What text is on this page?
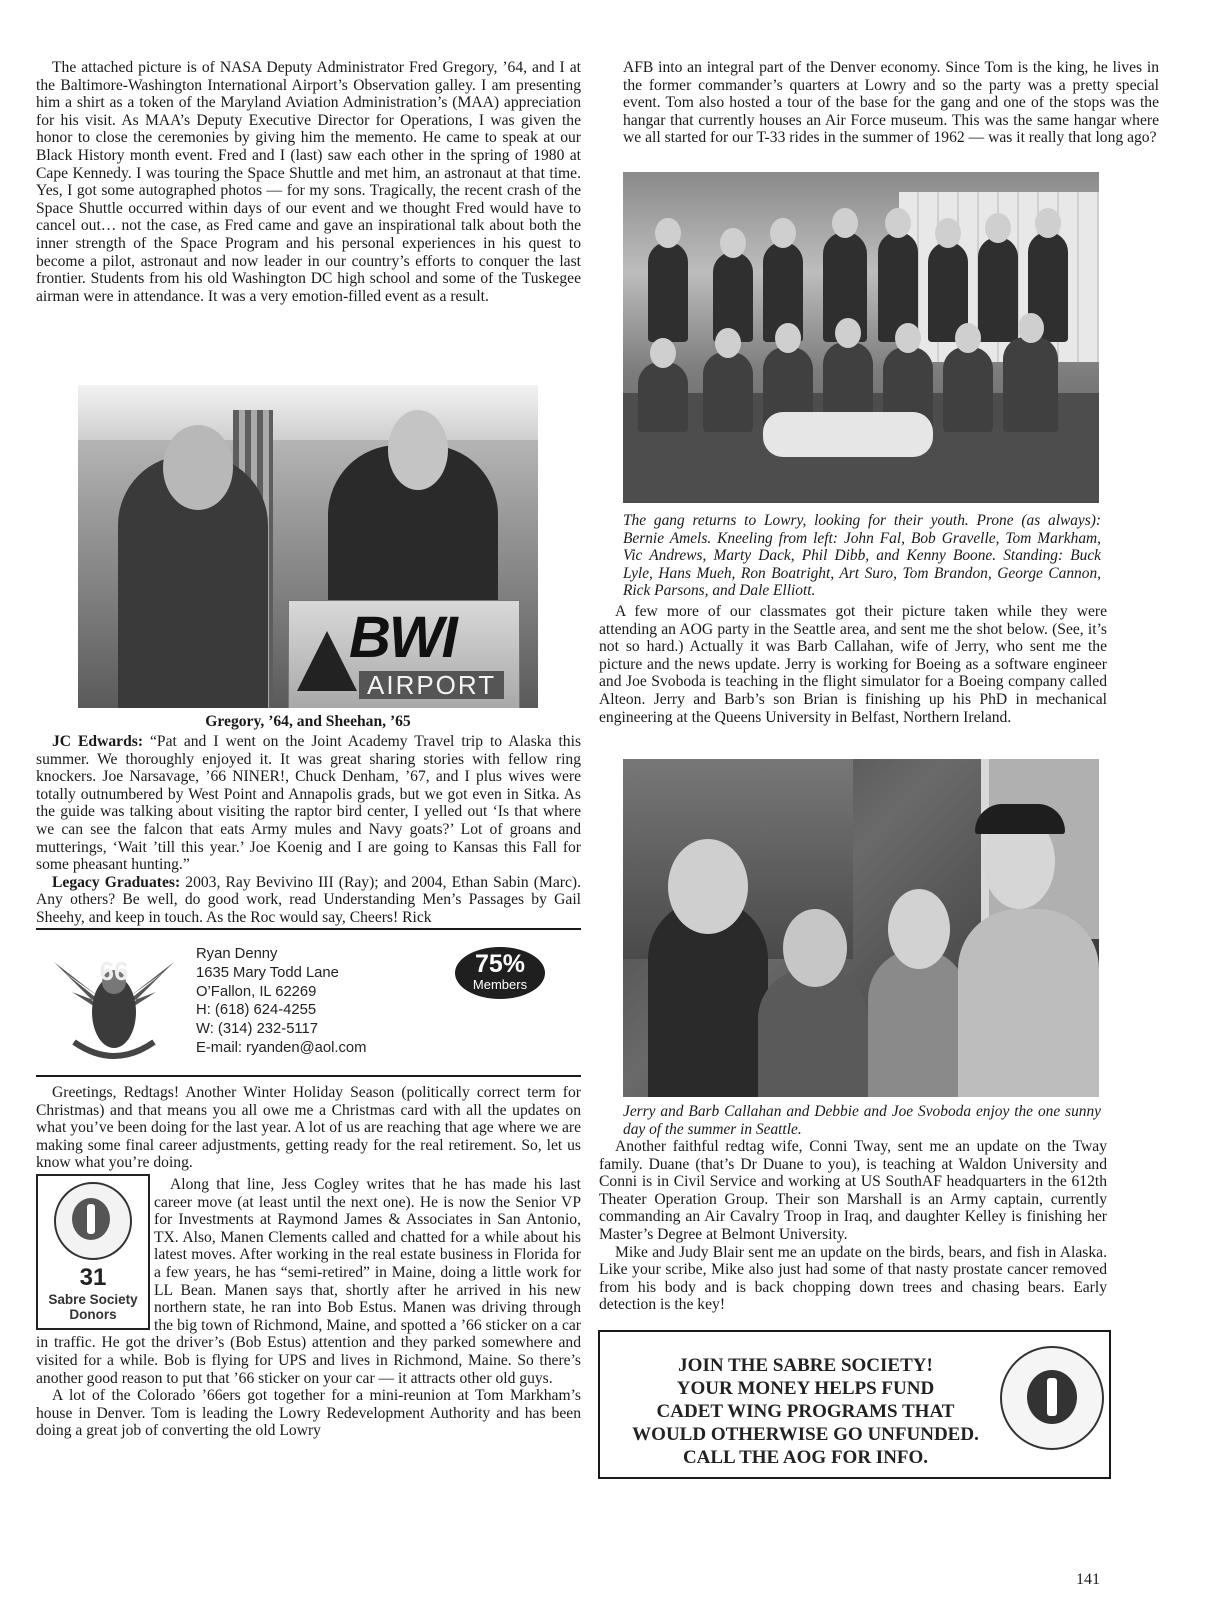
The attached picture is of NASA Deputy Administrator Fred Gregory, ’64, and I at the Baltimore-Washington International Airport’s Observation galley. I am presenting him a shirt as a token of the Maryland Aviation Administration’s (MAA) appreciation for his visit. As MAA’s Deputy Executive Director for Operations, I was given the honor to close the ceremonies by giving him the memento. He came to speak at our Black History month event. Fred and I (last) saw each other in the spring of 1980 at Cape Kennedy. I was touring the Space Shuttle and met him, an astronaut at that time. Yes, I got some autographed photos — for my sons. Tragically, the recent crash of the Space Shuttle occurred within days of our event and we thought Fred would have to cancel out… not the case, as Fred came and gave an inspirational talk about both the inner strength of the Space Program and his personal experiences in his quest to become a pilot, astronaut and now leader in our country’s efforts to conquer the last frontier. Students from his old Washington DC high school and some of the Tuskegee airman were in attendance. It was a very emotion-filled event as a result.

BWI
AIRPORT
Gregory, ’64, and Sheehan, ’65

JC Edwards: “Pat and I went on the Joint Academy Travel trip to Alaska this summer. We thoroughly enjoyed it. It was great sharing stories with fellow ring knockers. Joe Narsavage, ’66 NINER!, Chuck Denham, ’67, and I plus wives were totally outnumbered by West Point and Annapolis grads, but we got even in Sitka. As the guide was talking about visiting the raptor bird center, I yelled out ‘Is that where we can see the falcon that eats Army mules and Navy goats?’ Lot of groans and mutterings, ‘Wait ’till this year.’ Joe Koenig and I are going to Kansas this Fall for some pheasant hunting.”

Legacy Graduates: 2003, Ray Bevivino III (Ray); and 2004, Ethan Sabin (Marc). Any others? Be well, do good work, read Understanding Men’s Passages by Gail Sheehy, and keep in touch. As the Roc would say, Cheers! Rick

66
Ryan Denny
1635 Mary Todd Lane
O’Fallon, IL 62269
H: (618) 624-4255
W: (314) 232-5117
E-mail: ryanden@aol.com
75%
Members

Greetings, Redtags! Another Winter Holiday Season (politically correct term for Christmas) and that means you all owe me a Christmas card with all the updates on what you’ve been doing for the last year. A lot of us are reaching that age where we are making some final career adjustments, getting ready for the real retirement. So, let us know what you’re doing.

31
Sabre Society
Donors

Along that line, Jess Cogley writes that he has made his last career move (at least until the next one). He is now the Senior VP for Investments at Raymond James & Associates in San Antonio, TX. Also, Manen Clements called and chatted for a while about his latest moves. After working in the real estate business in Florida for a few years, he has “semi-retired” in Maine, doing a little work for LL Bean. Manen says that, shortly after he arrived in his new northern state, he ran into Bob Estus. Manen was driving through the big town of Richmond, Maine, and spotted a ’66 sticker on a car in traffic. He got the driver’s (Bob Estus) attention and they parked somewhere and visited for a while. Bob is flying for UPS and lives in Richmond, Maine. So there’s another good reason to put that ’66 sticker on your car — it attracts other old guys.

A lot of the Colorado ’66ers got together for a mini-reunion at Tom Markham’s house in Denver. Tom is leading the Lowry Redevelopment Authority and has been doing a great job of converting the old Lowry

AFB into an integral part of the Denver economy. Since Tom is the king, he lives in the former commander’s quarters at Lowry and so the party was a pretty special event. Tom also hosted a tour of the base for the gang and one of the stops was the hangar that currently houses an Air Force museum. This was the same hangar where we all started for our T-33 rides in the summer of 1962 — was it really that long ago?

The gang returns to Lowry, looking for their youth. Prone (as always): Bernie Amels. Kneeling from left: John Fal, Bob Gravelle, Tom Markham, Vic Andrews, Marty Dack, Phil Dibb, and Kenny Boone. Standing: Buck Lyle, Hans Mueh, Ron Boatright, Art Suro, Tom Brandon, George Cannon, Rick Parsons, and Dale Elliott.

A few more of our classmates got their picture taken while they were attending an AOG party in the Seattle area, and sent me the shot below. (See, it’s not so hard.) Actually it was Barb Callahan, wife of Jerry, who sent me the picture and the news update. Jerry is working for Boeing as a software engineer and Joe Svoboda is teaching in the flight simulator for a Boeing company called Alteon. Jerry and Barb’s son Brian is finishing up his PhD in mechanical engineering at the Queens University in Belfast, Northern Ireland.

Jerry and Barb Callahan and Debbie and Joe Svoboda enjoy the one sunny day of the summer in Seattle.

Another faithful redtag wife, Conni Tway, sent me an update on the Tway family. Duane (that’s Dr Duane to you), is teaching at Waldon University and Conni is in Civil Service and working at US SouthAF headquarters in the 612th Theater Operation Group. Their son Marshall is an Army captain, currently commanding an Air Cavalry Troop in Iraq, and daughter Kelley is finishing her Master’s Degree at Belmont University.

Mike and Judy Blair sent me an update on the birds, bears, and fish in Alaska. Like your scribe, Mike also just had some of that nasty prostate cancer removed from his body and is back chopping down trees and chasing bears. Early detection is the key!

JOIN THE SABRE SOCIETY!
YOUR MONEY HELPS FUND
CADET WING PROGRAMS THAT
WOULD OTHERWISE GO UNFUNDED.
CALL THE AOG FOR INFO.
141
